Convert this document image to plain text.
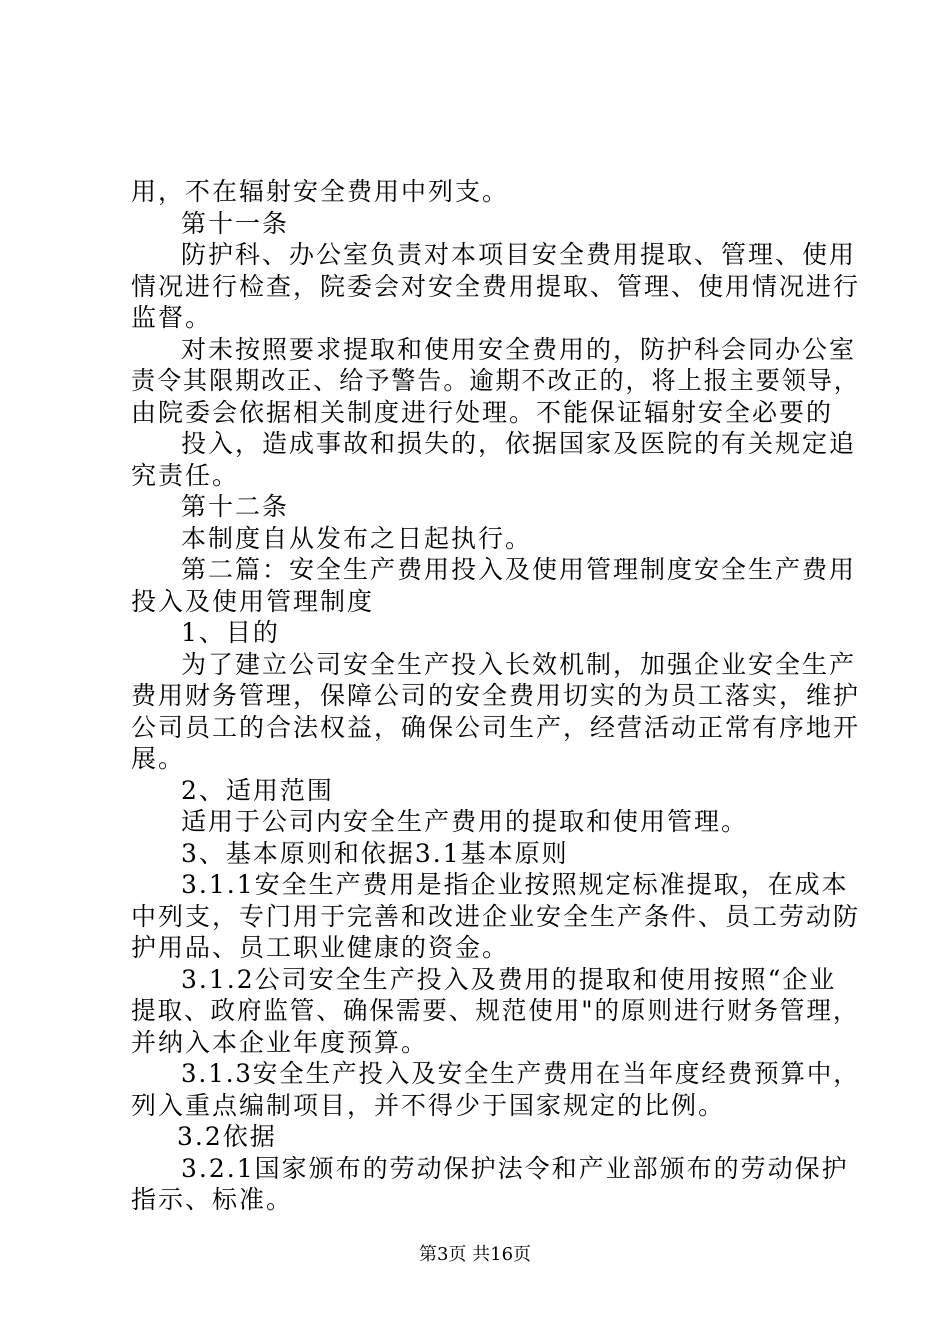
用，不在辐射安全费用中列支。
第十一条
防护科、办公室负责对本项目安全费用提取、管理、使用
情况进行检查，院委会对安全费用提取、管理、使用情况进行
监督。
对未按照要求提取和使用安全费用的，防护科会同办公室
责令其限期改正、给予警告。逾期不改正的，将上报主要领导，
由院委会依据相关制度进行处理。不能保证辐射安全必要的
投入，造成事故和损失的，依据国家及医院的有关规定追
究责任。
第十二条
本制度自从发布之日起执行。
第二篇：安全生产费用投入及使用管理制度安全生产费用
投入及使用管理制度
1、目的
为了建立公司安全生产投入长效机制，加强企业安全生产
费用财务管理，保障公司的安全费用切实的为员工落实，维护
公司员工的合法权益，确保公司生产，经营活动正常有序地开
展。
2、适用范围
适用于公司内安全生产费用的提取和使用管理。
3、基本原则和依据3.1基本原则
3.1.1安全生产费用是指企业按照规定标准提取，在成本
中列支，专门用于完善和改进企业安全生产条件、员工劳动防
护用品、员工职业健康的资金。
3.1.2公司安全生产投入及费用的提取和使用按照“企业
提取、政府监管、确保需要、规范使用"的原则进行财务管理，
并纳入本企业年度预算。
3.1.3安全生产投入及安全生产费用在当年度经费预算中，
列入重点编制项目，并不得少于国家规定的比例。
3.2依据
3.2.1国家颁布的劳动保护法令和产业部颁布的劳动保护
指示、标准。
第3页 共16页
